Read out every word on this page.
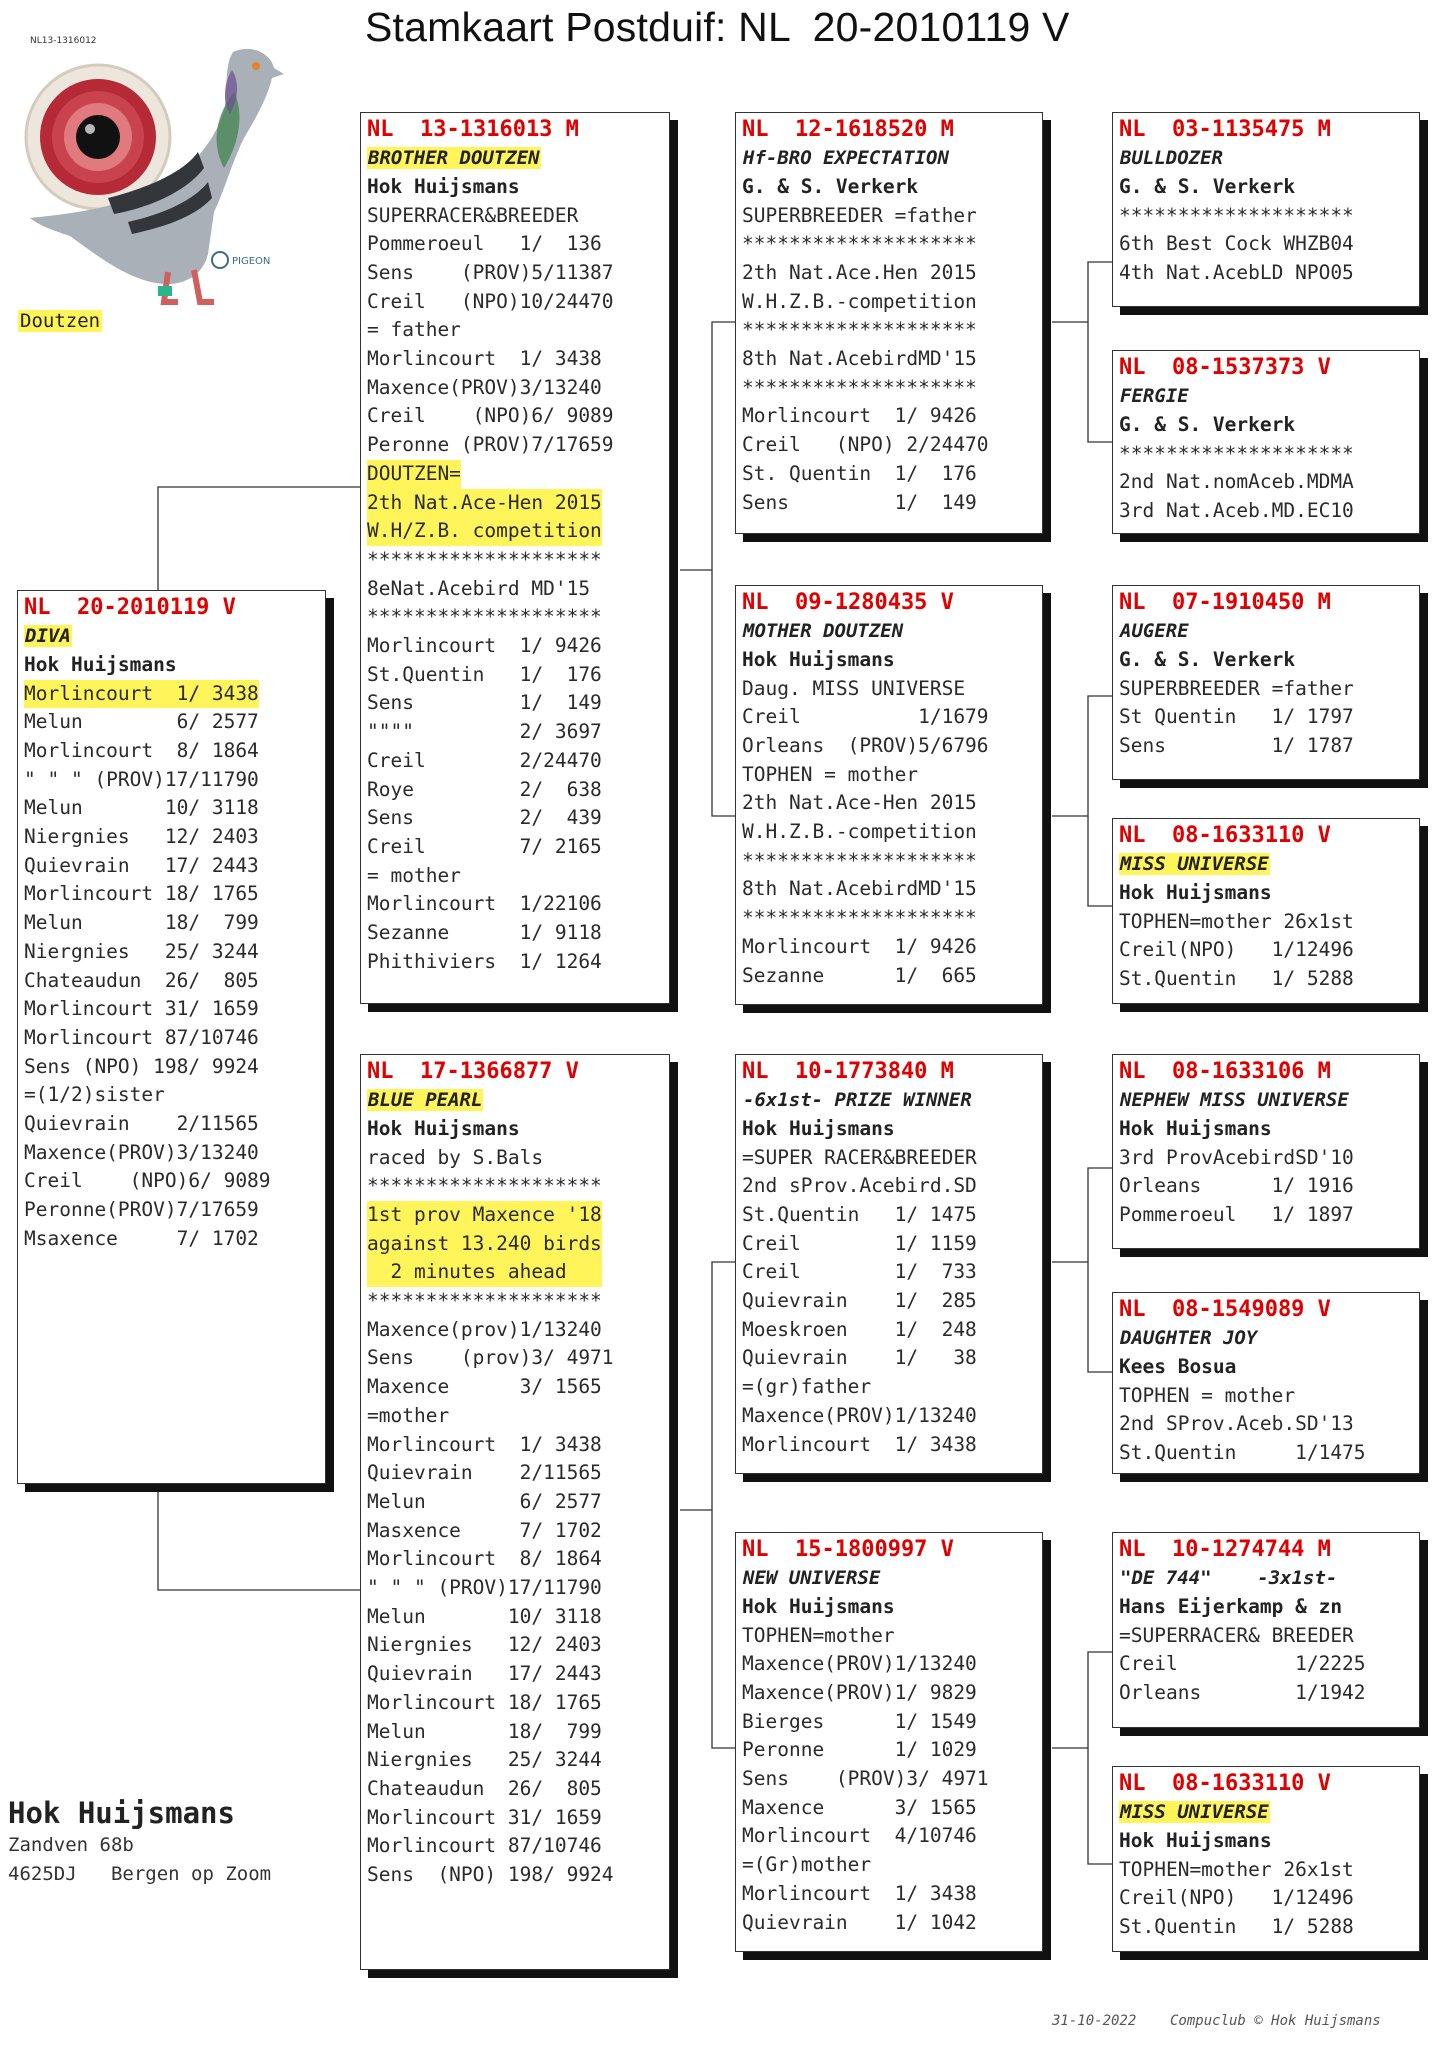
Stamkaart Postduif: NL  20-2010119 V
NL13-1316012
PIGEON
Doutzen
NL  20-2010119 V
DIVA
Hok Huijsmans
Morlincourt  1/ 3438
Melun        6/ 2577
Morlincourt  8/ 1864
" " " (PROV)17/11790
Melun       10/ 3118
Niergnies   12/ 2403
Quievrain   17/ 2443
Morlincourt 18/ 1765
Melun       18/  799
Niergnies   25/ 3244
Chateaudun  26/  805
Morlincourt 31/ 1659
Morlincourt 87/10746
Sens (NPO) 198/ 9924
=(1/2)sister
Quievrain    2/11565
Maxence(PROV)3/13240
Creil    (NPO)6/ 9089
Peronne(PROV)7/17659
Msaxence     7/ 1702
NL  13-1316013 M
BROTHER DOUTZEN
Hok Huijsmans
SUPERRACER&BREEDER
Pommeroeul   1/  136
Sens    (PROV)5/11387
Creil   (NPO)10/24470
= father
Morlincourt  1/ 3438
Maxence(PROV)3/13240
Creil    (NPO)6/ 9089
Peronne (PROV)7/17659
DOUTZEN= 2th Nat.Ace-Hen 2015 W.H/Z.B. competition
********************
8eNat.Acebird MD'15
********************
Morlincourt  1/ 9426
St.Quentin   1/  176
Sens         1/  149
""""         2/ 3697
Creil        2/24470
Roye         2/  638
Sens         2/  439
Creil        7/ 2165
= mother
Morlincourt  1/22106
Sezanne      1/ 9118
Phithiviers  1/ 1264
NL  17-1366877 V
BLUE PEARL
Hok Huijsmans
raced by S.Bals
********************
1st prov Maxence '18 against 13.240 birds   2 minutes ahead
********************
Maxence(prov)1/13240
Sens    (prov)3/ 4971
Maxence      3/ 1565
=mother
Morlincourt  1/ 3438
Quievrain    2/11565
Melun        6/ 2577
Masxence     7/ 1702
Morlincourt  8/ 1864
" " " (PROV)17/11790
Melun       10/ 3118
Niergnies   12/ 2403
Quievrain   17/ 2443
Morlincourt 18/ 1765
Melun       18/  799
Niergnies   25/ 3244
Chateaudun  26/  805
Morlincourt 31/ 1659
Morlincourt 87/10746
Sens  (NPO) 198/ 9924
NL  12-1618520 M
Hf-BRO EXPECTATION
G. & S. Verkerk
SUPERBREEDER =father
********************
2th Nat.Ace.Hen 2015
W.H.Z.B.-competition
********************
8th Nat.AcebirdMD'15
********************
Morlincourt  1/ 9426
Creil   (NPO) 2/24470
St. Quentin  1/  176
Sens         1/  149
NL  09-1280435 V
MOTHER DOUTZEN
Hok Huijsmans
Daug. MISS UNIVERSE
Creil          1/1679
Orleans  (PROV)5/6796
TOPHEN = mother
2th Nat.Ace-Hen 2015
W.H.Z.B.-competition
********************
8th Nat.AcebirdMD'15
********************
Morlincourt  1/ 9426
Sezanne      1/  665
NL  10-1773840 M
-6x1st- PRIZE WINNER
Hok Huijsmans
=SUPER RACER&BREEDER
2nd sProv.Acebird.SD
St.Quentin   1/ 1475
Creil        1/ 1159
Creil        1/  733
Quievrain    1/  285
Moeskroen    1/  248
Quievrain    1/   38
=(gr)father
Maxence(PROV)1/13240
Morlincourt  1/ 3438
NL  15-1800997 V
NEW UNIVERSE
Hok Huijsmans
TOPHEN=mother
Maxence(PROV)1/13240
Maxence(PROV)1/ 9829
Bierges      1/ 1549
Peronne      1/ 1029
Sens    (PROV)3/ 4971
Maxence      3/ 1565
Morlincourt  4/10746
=(Gr)mother
Morlincourt  1/ 3438
Quievrain    1/ 1042
NL  03-1135475 M
BULLDOZER
G. & S. Verkerk
********************
6th Best Cock WHZB04
4th Nat.AcebLD NPO05
NL  08-1537373 V
FERGIE
G. & S. Verkerk
********************
2nd Nat.nomAceb.MDMA
3rd Nat.Aceb.MD.EC10
NL  07-1910450 M
AUGERE
G. & S. Verkerk
SUPERBREEDER =father
St Quentin   1/ 1797
Sens         1/ 1787
NL  08-1633110 V
MISS UNIVERSE
Hok Huijsmans
TOPHEN=mother 26x1st
Creil(NPO)   1/12496
St.Quentin   1/ 5288
NL  08-1633106 M
NEPHEW MISS UNIVERSE
Hok Huijsmans
3rd ProvAcebirdSD'10
Orleans      1/ 1916
Pommeroeul   1/ 1897
NL  08-1549089 V
DAUGHTER JOY
Kees Bosua
TOPHEN = mother
2nd SProv.Aceb.SD'13
St.Quentin     1/1475
NL  10-1274744 M
"DE 744"    -3x1st-
Hans Eijerkamp & zn
=SUPERRACER& BREEDER
Creil          1/2225
Orleans        1/1942
NL  08-1633110 V
MISS UNIVERSE
Hok Huijsmans
TOPHEN=mother 26x1st
Creil(NPO)   1/12496
St.Quentin   1/ 5288
Hok Huijsmans
Zandven 68b
4625DJ   Bergen op Zoom
31-10-2022    Compuclub © Hok Huijsmans
